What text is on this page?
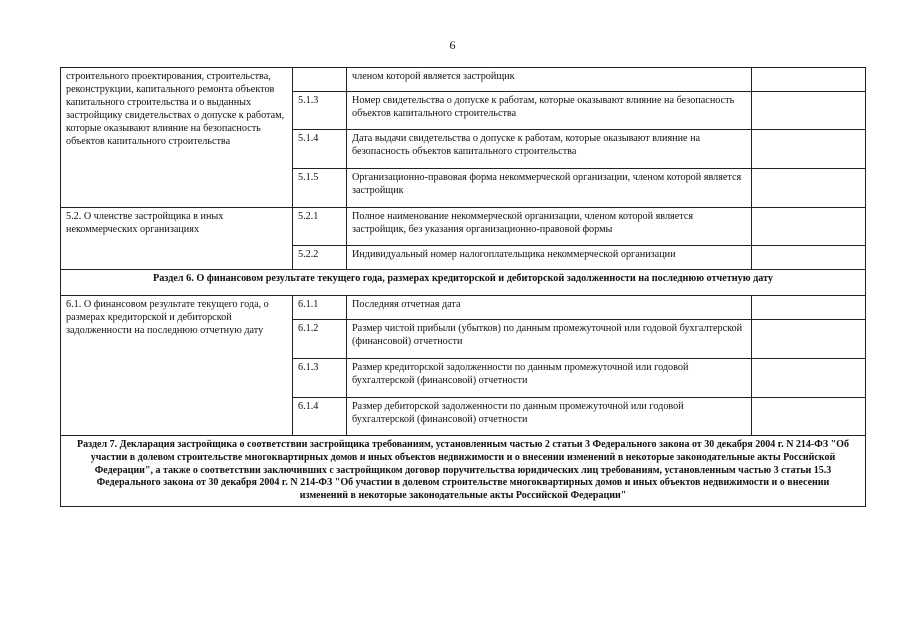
6
строительного проектирования, строительства, реконструкции, капитального ремонта объектов капитального строительства и о выданных застройщику свидетельствах о допуске к работам, которые оказывают влияние на безопасность объектов капитального строительства		членом которой является застройщик	
	5.1.3	Номер свидетельства о допуске к работам, которые оказывают влияние на безопасность объектов капитального строительства	
	5.1.4	Дата выдачи свидетельства о допуске к работам, которые оказывают влияние на безопасность объектов капитального строительства	
	5.1.5	Организационно-правовая форма некоммерческой организации, членом которой является застройщик	
5.2. О членстве застройщика в иных некоммерческих организациях	5.2.1	Полное наименование некоммерческой организации, членом которой является застройщик, без указания организационно-правовой формы	
	5.2.2	Индивидуальный номер налогоплательщика некоммерческой организации	
Раздел 6. О финансовом результате текущего года, размерах кредиторской и дебиторской задолженности на последнюю отчетную дату			
6.1. О финансовом результате текущего года, о размерах кредиторской и дебиторской задолженности на последнюю отчетную дату	6.1.1	Последняя отчетная дата	
	6.1.2	Размер чистой прибыли (убытков) по данным промежуточной или годовой бухгалтерской (финансовой) отчетности	
	6.1.3	Размер кредиторской задолженности по данным промежуточной или годовой бухгалтерской (финансовой) отчетности	
	6.1.4	Размер дебиторской задолженности по данным промежуточной или годовой бухгалтерской (финансовой) отчетности	
Раздел 7. Декларация застройщика о соответствии застройщика требованиям, установленным частью 2 статьи 3 Федерального закона от 30 декабря 2004 г. N 214-ФЗ "Об участии в долевом строительстве многоквартирных домов и иных объектов недвижимости и о внесении изменений в некоторые законодательные акты Российской Федерации", а также о соответствии заключивших с застройщиком договор поручительства юридических лиц требованиям, установленным частью 3 статьи 15.3 Федерального закона от 30 декабря 2004 г. N 214-ФЗ "Об участии в долевом строительстве многоквартирных домов и иных объектов недвижимости и о внесении изменений в некоторые законодательные акты Российской Федерации"			
